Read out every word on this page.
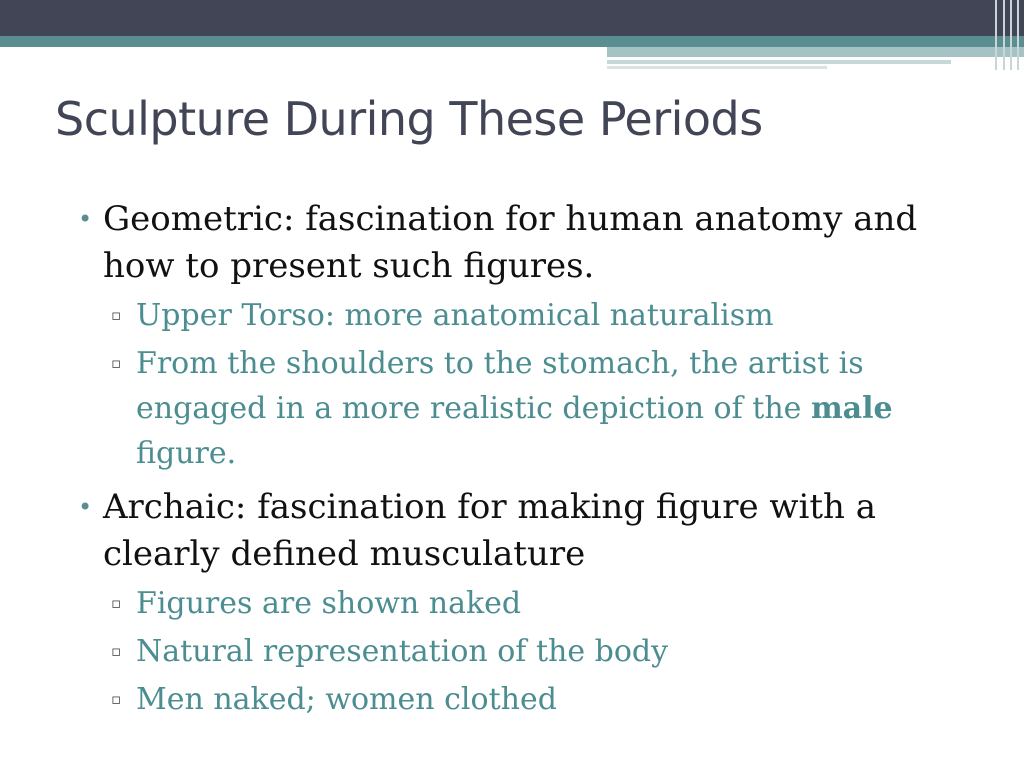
Sculpture During These Periods
• Geometric: fascination for human anatomy and how to present such figures.
▫ Upper Torso: more anatomical naturalism
▫ From the shoulders to the stomach, the artist is engaged in a more realistic depiction of the male figure.
• Archaic: fascination for making figure with a clearly defined musculature
▫ Figures are shown naked
▫ Natural representation of the body
▫ Men naked; women clothed
